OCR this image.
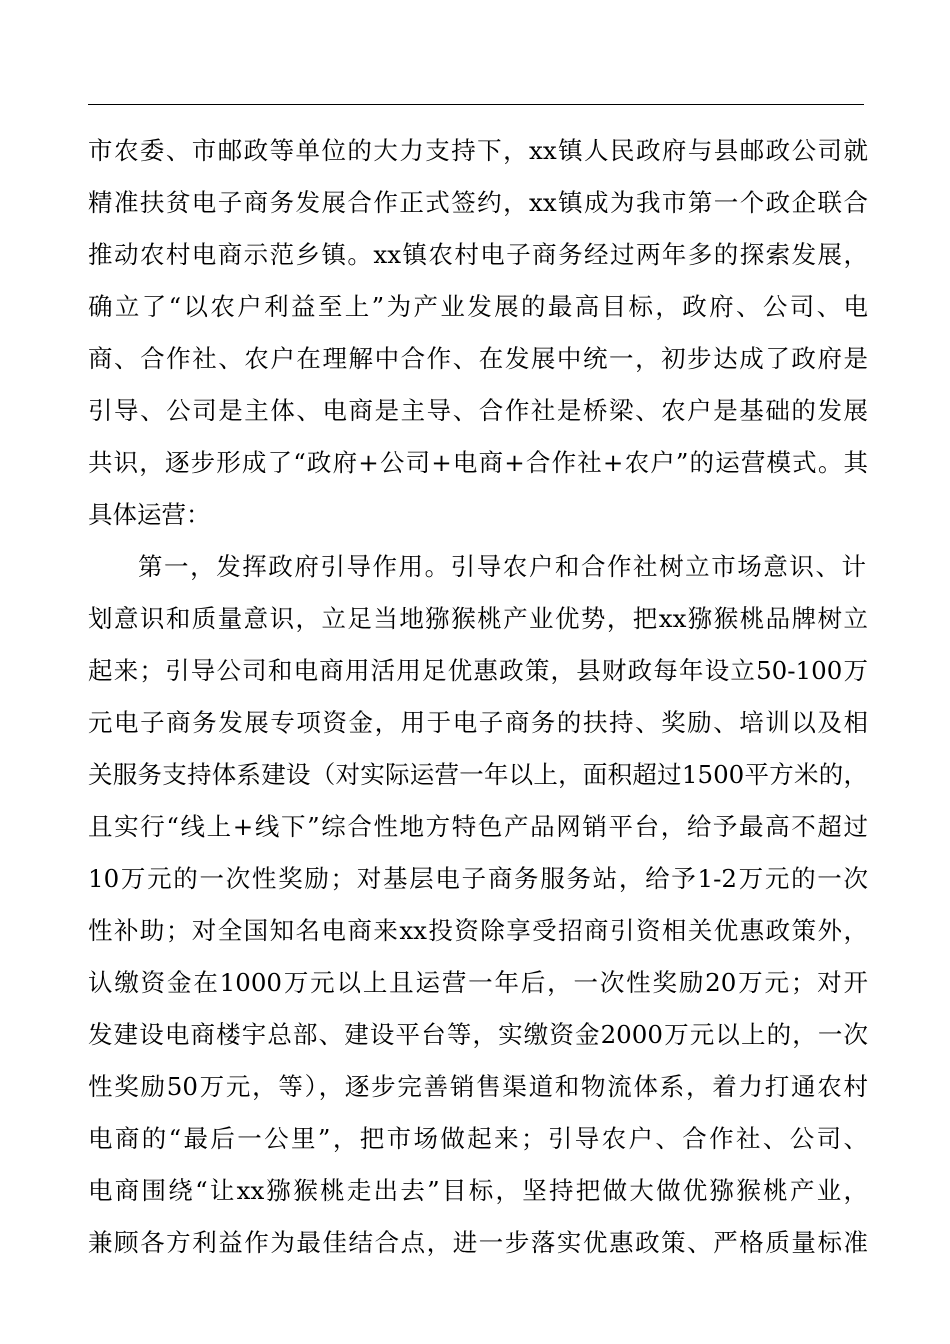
市农委、市邮政等单位的大力支持下，xx镇人民政府与县邮政公司就
精准扶贫电子商务发展合作正式签约，xx镇成为我市第一个政企联合
推动农村电商示范乡镇。xx镇农村电子商务经过两年多的探索发展，
确立了“以农户利益至上”为产业发展的最高目标，政府、公司、电
商、合作社、农户在理解中合作、在发展中统一，初步达成了政府是
引导、公司是主体、电商是主导、合作社是桥梁、农户是基础的发展
共识，逐步形成了“政府+公司+电商+合作社+农户”的运营模式。其
具体运营：
第一，发挥政府引导作用。引导农户和合作社树立市场意识、计
划意识和质量意识，立足当地猕猴桃产业优势，把xx猕猴桃品牌树立
起来；引导公司和电商用活用足优惠政策，县财政每年设立50-100万
元电子商务发展专项资金，用于电子商务的扶持、奖励、培训以及相
关服务支持体系建设（对实际运营一年以上，面积超过1500平方米的，
且实行“线上+线下”综合性地方特色产品网销平台，给予最高不超过
10万元的一次性奖励；对基层电子商务服务站，给予1-2万元的一次
性补助；对全国知名电商来xx投资除享受招商引资相关优惠政策外，
认缴资金在1000万元以上且运营一年后，一次性奖励20万元；对开
发建设电商楼宇总部、建设平台等，实缴资金2000万元以上的，一次
性奖励50万元，等），逐步完善销售渠道和物流体系，着力打通农村
电商的“最后一公里”，把市场做起来；引导农户、合作社、公司、
电商围绕“让xx猕猴桃走出去”目标，坚持把做大做优猕猴桃产业，
兼顾各方利益作为最佳结合点，进一步落实优惠政策、严格质量标准
